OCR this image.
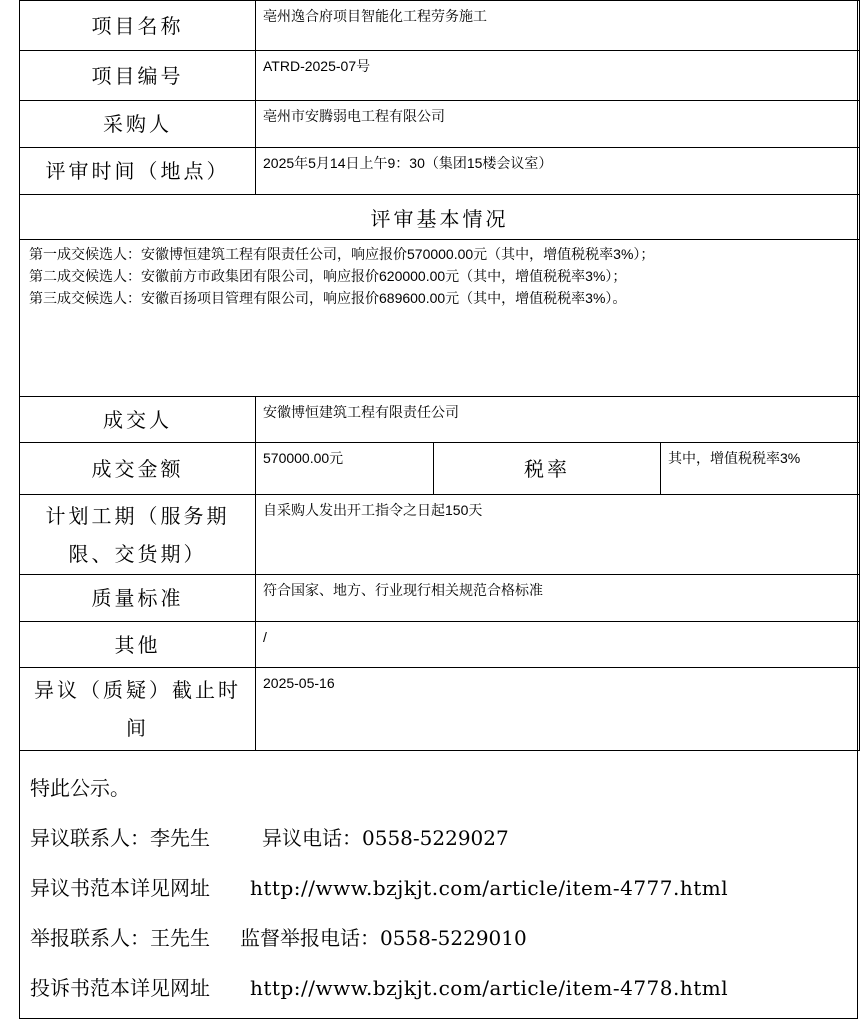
项目名称	亳州逸合府项目智能化工程劳务施工		
项目编号	ATRD-2025-07号		
采购人	亳州市安腾弱电工程有限公司		
评审时间（地点）	2025年5月14日上午9：30（集团15楼会议室）		
评审基本情况			

第一成交候选人：安徽博恒建筑工程有限责任公司，响应报价570000.00元（其中，增值税税率3%）；
第二成交候选人：安徽前方市政集团有限公司，响应报价620000.00元（其中，增值税税率3%）；
第三成交候选人：安徽百扬项目管理有限公司，响应报价689600.00元（其中，增值税税率3%）。			

成交人	安徽博恒建筑工程有限责任公司		
成交金额	570000.00元	税率	其中，增值税税率3%

计划工期（服务期
限、交货期）	自采购人发出开工指令之日起150天		
质量标准	符合国家、地方、行业现行相关规范合格标准		
其他	/		

异议（质疑）截止时
间	2025-05-16		
特此公示。
异议联系人：李先生	异议电话：0558-5229027
异议书范本详见网址 http://www.bzjkjt.com/article/item-4777.html
举报联系人：王先生 监督举报电话：0558-5229010
投诉书范本详见网址 http://www.bzjkjt.com/article/item-4778.html
